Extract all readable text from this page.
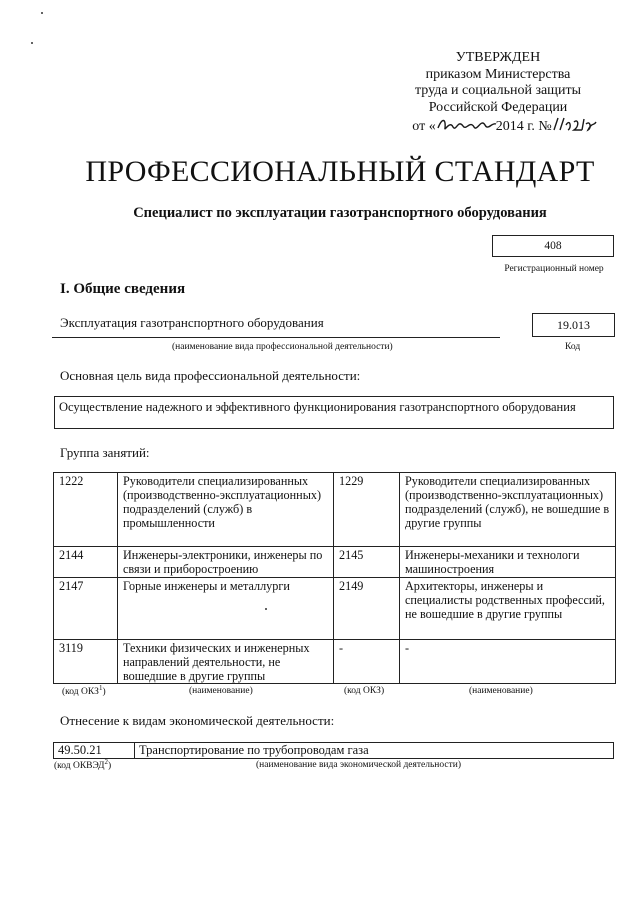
УТВЕРЖДЕН
приказом Министерства
труда и социальной защиты
Российской Федерации
от «	2014 г. №
ПРОФЕССИОНАЛЬНЫЙ СТАНДАРТ
Специалист по эксплуатации газотранспортного оборудования
408
Регистрационный номер
I. Общие сведения
Эксплуатация газотранспортного оборудования	19.013
(наименование вида профессиональной деятельности)	Код
Основная цель вида профессиональной деятельности:
Осуществление надежного и эффективного функционирования газотранспортного оборудования
Группа занятий:
1222	Руководители специализированных (производственно-эксплуатационных) подразделений (служб) в промышленности	1229	Руководители специализированных (производственно-эксплуатационных) подразделений (служб), не вошедшие в другие группы
2144	Инженеры-электроники, инженеры по связи и приборостроению	2145	Инженеры-механики и технологи машиностроения
2147	Горные инженеры и металлурги	2149	Архитекторы, инженеры и специалисты родственных профессий, не вошедшие в другие группы
3119	Техники физических и инженерных направлений деятельности, не вошедшие в другие группы	-	-
(код ОКЗ$^1$)	(наименование)	(код ОКЗ)	(наименование)
Отнесение к видам экономической деятельности:
49.50.21	Транспортирование по трубопроводам газа
(код ОКВЭД$^2$)	(наименование вида экономической деятельности)
